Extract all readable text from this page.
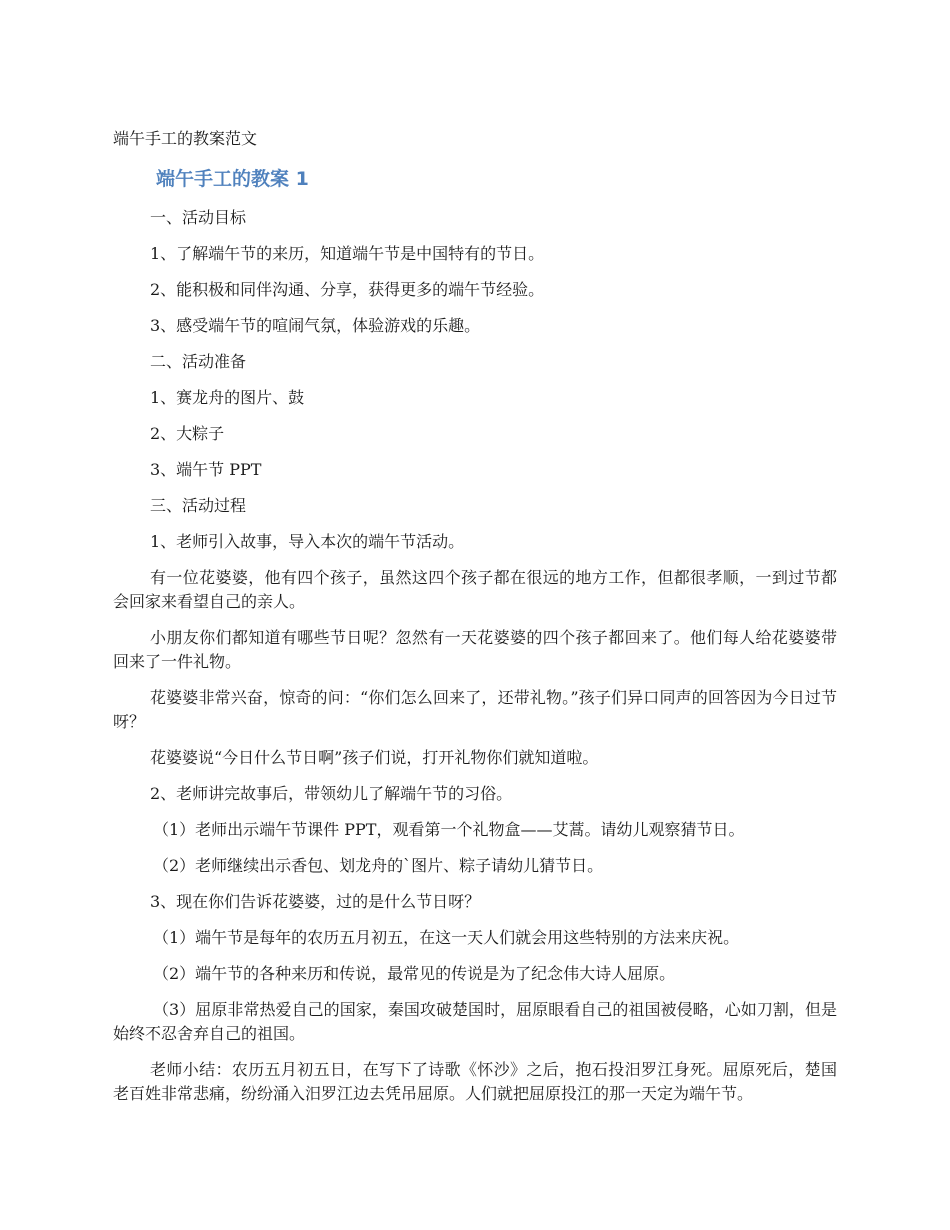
端午手工的教案范文
端午手工的教案 1

一、活动目标

1、了解端午节的来历，知道端午节是中国特有的节日。

2、能积极和同伴沟通、分享，获得更多的端午节经验。

3、感受端午节的喧闹气氛，体验游戏的乐趣。

二、活动准备

1、赛龙舟的图片、鼓

2、大粽子

3、端午节 PPT

三、活动过程

1、老师引入故事，导入本次的端午节活动。

有一位花婆婆，他有四个孩子，虽然这四个孩子都在很远的地方工作，但都很孝顺，一到过节都会回家来看望自己的亲人。

小朋友你们都知道有哪些节日呢？忽然有一天花婆婆的四个孩子都回来了。他们每人给花婆婆带回来了一件礼物。

花婆婆非常兴奋，惊奇的问：“你们怎么回来了，还带礼物。”孩子们异口同声的回答因为今日过节呀？

花婆婆说“今日什么节日啊”孩子们说，打开礼物你们就知道啦。

2、老师讲完故事后，带领幼儿了解端午节的习俗。

（1）老师出示端午节课件 PPT，观看第一个礼物盒——艾蒿。请幼儿观察猜节日。

（2）老师继续出示香包、划龙舟的`图片、粽子请幼儿猜节日。

3、现在你们告诉花婆婆，过的是什么节日呀？

（1）端午节是每年的农历五月初五，在这一天人们就会用这些特别的方法来庆祝。

（2）端午节的各种来历和传说，最常见的传说是为了纪念伟大诗人屈原。

（3）屈原非常热爱自己的国家，秦国攻破楚国时，屈原眼看自己的祖国被侵略，心如刀割，但是始终不忍舍弃自己的祖国。

老师小结：农历五月初五日，在写下了诗歌《怀沙》之后，抱石投汨罗江身死。屈原死后，楚国老百姓非常悲痛，纷纷涌入汨罗江边去凭吊屈原。人们就把屈原投江的那一天定为端午节。
